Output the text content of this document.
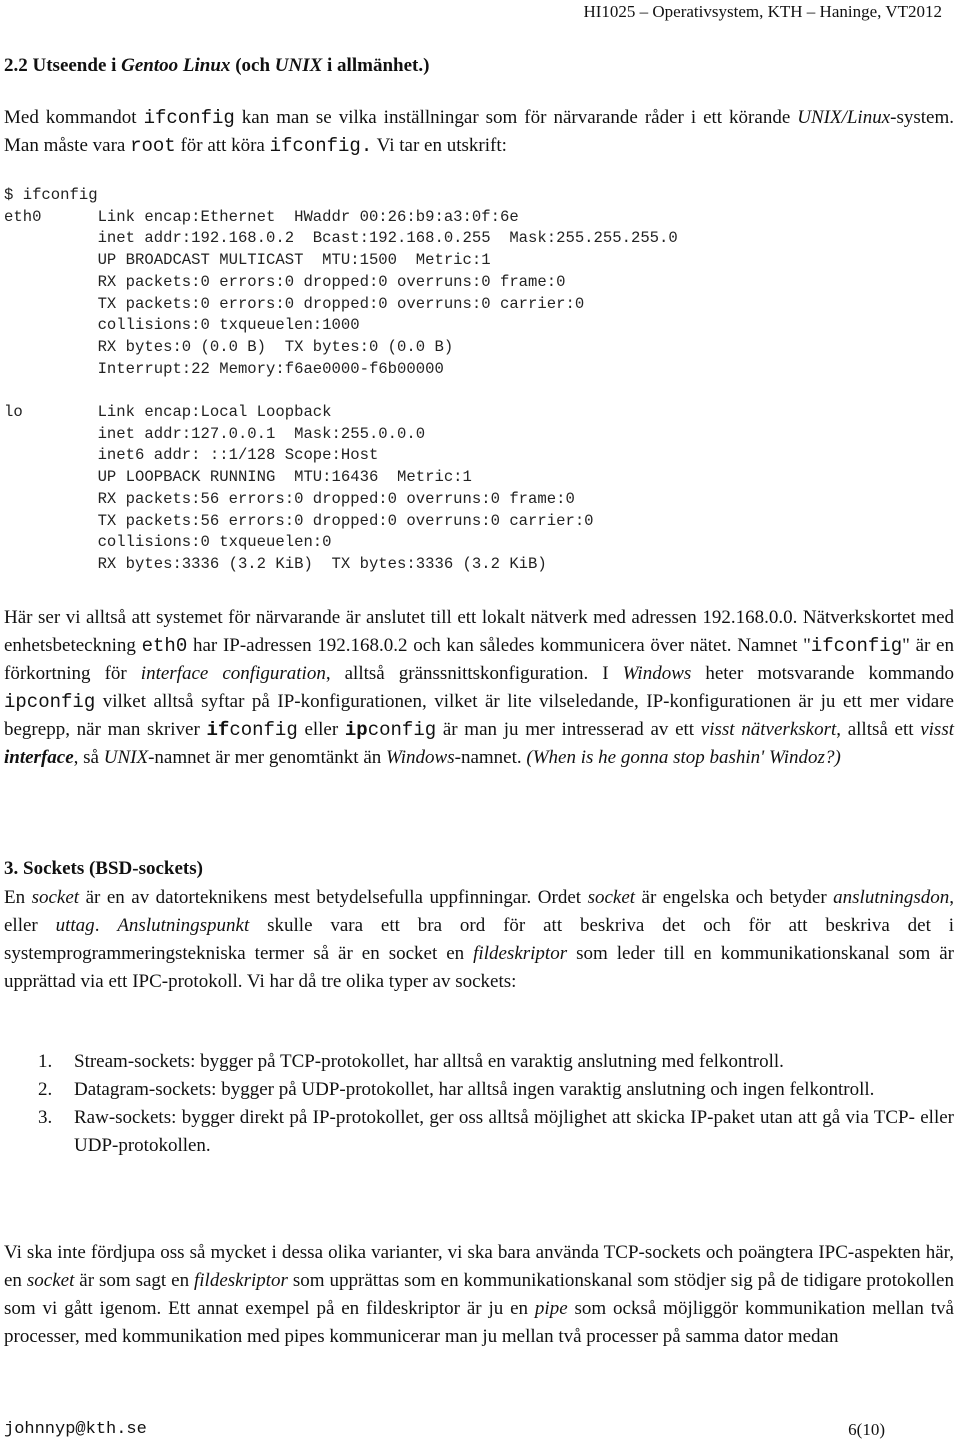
HI1025 – Operativsystem, KTH – Haninge, VT2012
2.2 Utseende i Gentoo Linux (och UNIX i allmänhet.)

Med kommandot ifconfig kan man se vilka inställningar som för närvarande råder i ett körande UNIX/Linux-system. Man måste vara root för att köra ifconfig. Vi tar en utskrift:

$ ifconfig
eth0      Link encap:Ethernet  HWaddr 00:26:b9:a3:0f:6e
inet addr:192.168.0.2  Bcast:192.168.0.255  Mask:255.255.255.0
UP BROADCAST MULTICAST  MTU:1500  Metric:1
RX packets:0 errors:0 dropped:0 overruns:0 frame:0
TX packets:0 errors:0 dropped:0 overruns:0 carrier:0
collisions:0 txqueuelen:1000
RX bytes:0 (0.0 B)  TX bytes:0 (0.0 B)
Interrupt:22 Memory:f6ae0000-f6b00000

lo        Link encap:Local Loopback
inet addr:127.0.0.1  Mask:255.0.0.0
inet6 addr: ::1/128 Scope:Host
UP LOOPBACK RUNNING  MTU:16436  Metric:1
RX packets:56 errors:0 dropped:0 overruns:0 frame:0
TX packets:56 errors:0 dropped:0 overruns:0 carrier:0
collisions:0 txqueuelen:0
RX bytes:3336 (3.2 KiB)  TX bytes:3336 (3.2 KiB)

Här ser vi alltså att systemet för närvarande är anslutet till ett lokalt nätverk med adressen 192.168.0.0. Nätverkskortet med enhetsbeteckning eth0 har IP-adressen 192.168.0.2 och kan således kommunicera över nätet. Namnet "ifconfig" är en förkortning för interface configuration, alltså gränssnittskonfiguration. I Windows heter motsvarande kommando ipconfig vilket alltså syftar på IP-konfigurationen, vilket är lite vilseledande, IP-konfigurationen är ju ett mer vidare begrepp, när man skriver ifconfig eller ipconfig är man ju mer intresserad av ett visst nätverkskort, alltså ett visst interface, så UNIX-namnet är mer genomtänkt än Windows-namnet. (When is he gonna stop bashin' Windoz?)

3. Sockets (BSD-sockets)

En socket är en av datorteknikens mest betydelsefulla uppfinningar. Ordet socket är engelska och betyder anslutningsdon, eller uttag. Anslutningspunkt skulle vara ett bra ord för att beskriva det och för att beskriva det i systemprogrammeringstekniska termer så är en socket en fildeskriptor som leder till en kommunikationskanal som är upprättad via ett IPC-protokoll. Vi har då tre olika typer av sockets:

1. Stream-sockets: bygger på TCP-protokollet, har alltså en varaktig anslutning med felkontroll.
2. Datagram-sockets: bygger på UDP-protokollet, har alltså ingen varaktig anslutning och ingen felkontroll.
3. Raw-sockets: bygger direkt på IP-protokollet, ger oss alltså möjlighet att skicka IP-paket utan att gå via TCP- eller UDP-protokollen.

Vi ska inte fördjupa oss så mycket i dessa olika varianter, vi ska bara använda TCP-sockets och poängtera IPC-aspekten här, en socket är som sagt en fildeskriptor som upprättas som en kommunikationskanal som stödjer sig på de tidigare protokollen som vi gått igenom. Ett annat exempel på en fildeskriptor är ju en pipe som också möjliggör kommunikation mellan två processer, med kommunikation med pipes kommunicerar man ju mellan två processer på samma dator medan

johnnyp@kth.se	6(10)
